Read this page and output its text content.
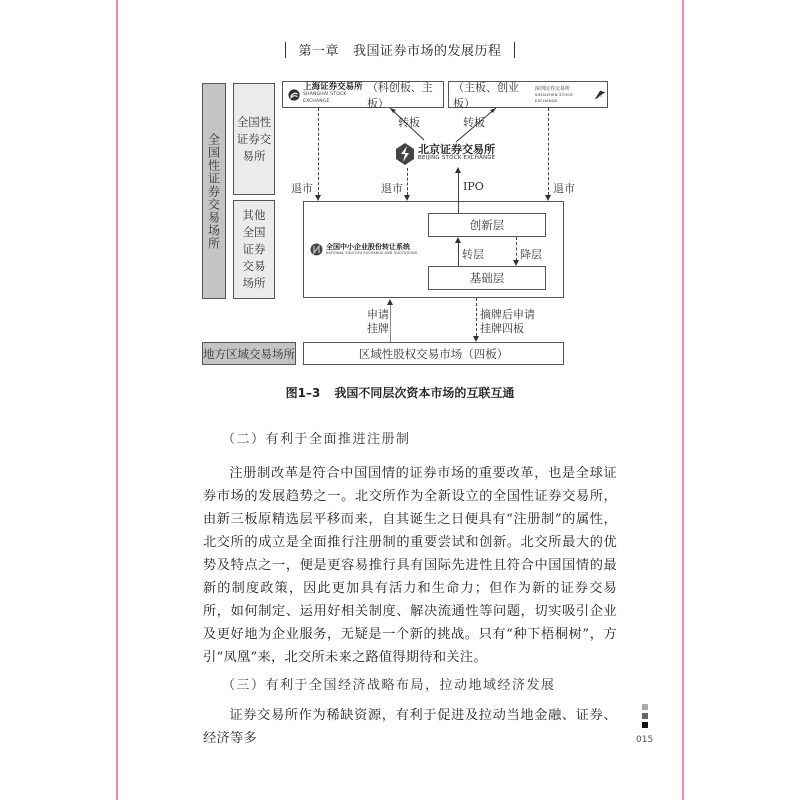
第一章 我国证券市场的发展历程
全国性证券交易场所
全国性证券交易所
其他全国证券交易场所
上海证券交易所
SHANGHAI STOCK EXCHANGE
（科创板、主板）
（主板、创业板）
深圳证券交易所
SHENZHEN STOCK EXCHANGE
北京证券交易所
BEIJING STOCK EXCHANGE
转板	转板
全国中小企业股份转让系统
NATIONAL EQUITIES EXCHANGE AND QUOTATIONS
创新层
基础层
转层	降层
退市	退市	IPO	退市
申请
挂牌
摘牌后申请
挂牌四板
地方区域交易场所	区域性股权交易市场（四板）
图1–3 我国不同层次资本市场的互联互通
（二）有利于全面推进注册制

注册制改革是符合中国国情的证券市场的重要改革，也是全球证券市场的发展趋势之一。北交所作为全新设立的全国性证券交易所，由新三板原精选层平移而来，自其诞生之日便具有“注册制”的属性，北交所的成立是全面推行注册制的重要尝试和创新。北交所最大的优势及特点之一，便是更容易推行具有国际先进性且符合中国国情的最新的制度政策，因此更加具有活力和生命力；但作为新的证券交易所，如何制定、运用好相关制度、解决流通性等问题，切实吸引企业及更好地为企业服务，无疑是一个新的挑战。只有“种下梧桐树”，方引“凤凰”来，北交所未来之路值得期待和关注。

（三）有利于全国经济战略布局，拉动地域经济发展

证券交易所作为稀缺资源，有利于促进及拉动当地金融、证券、经济等多	015
